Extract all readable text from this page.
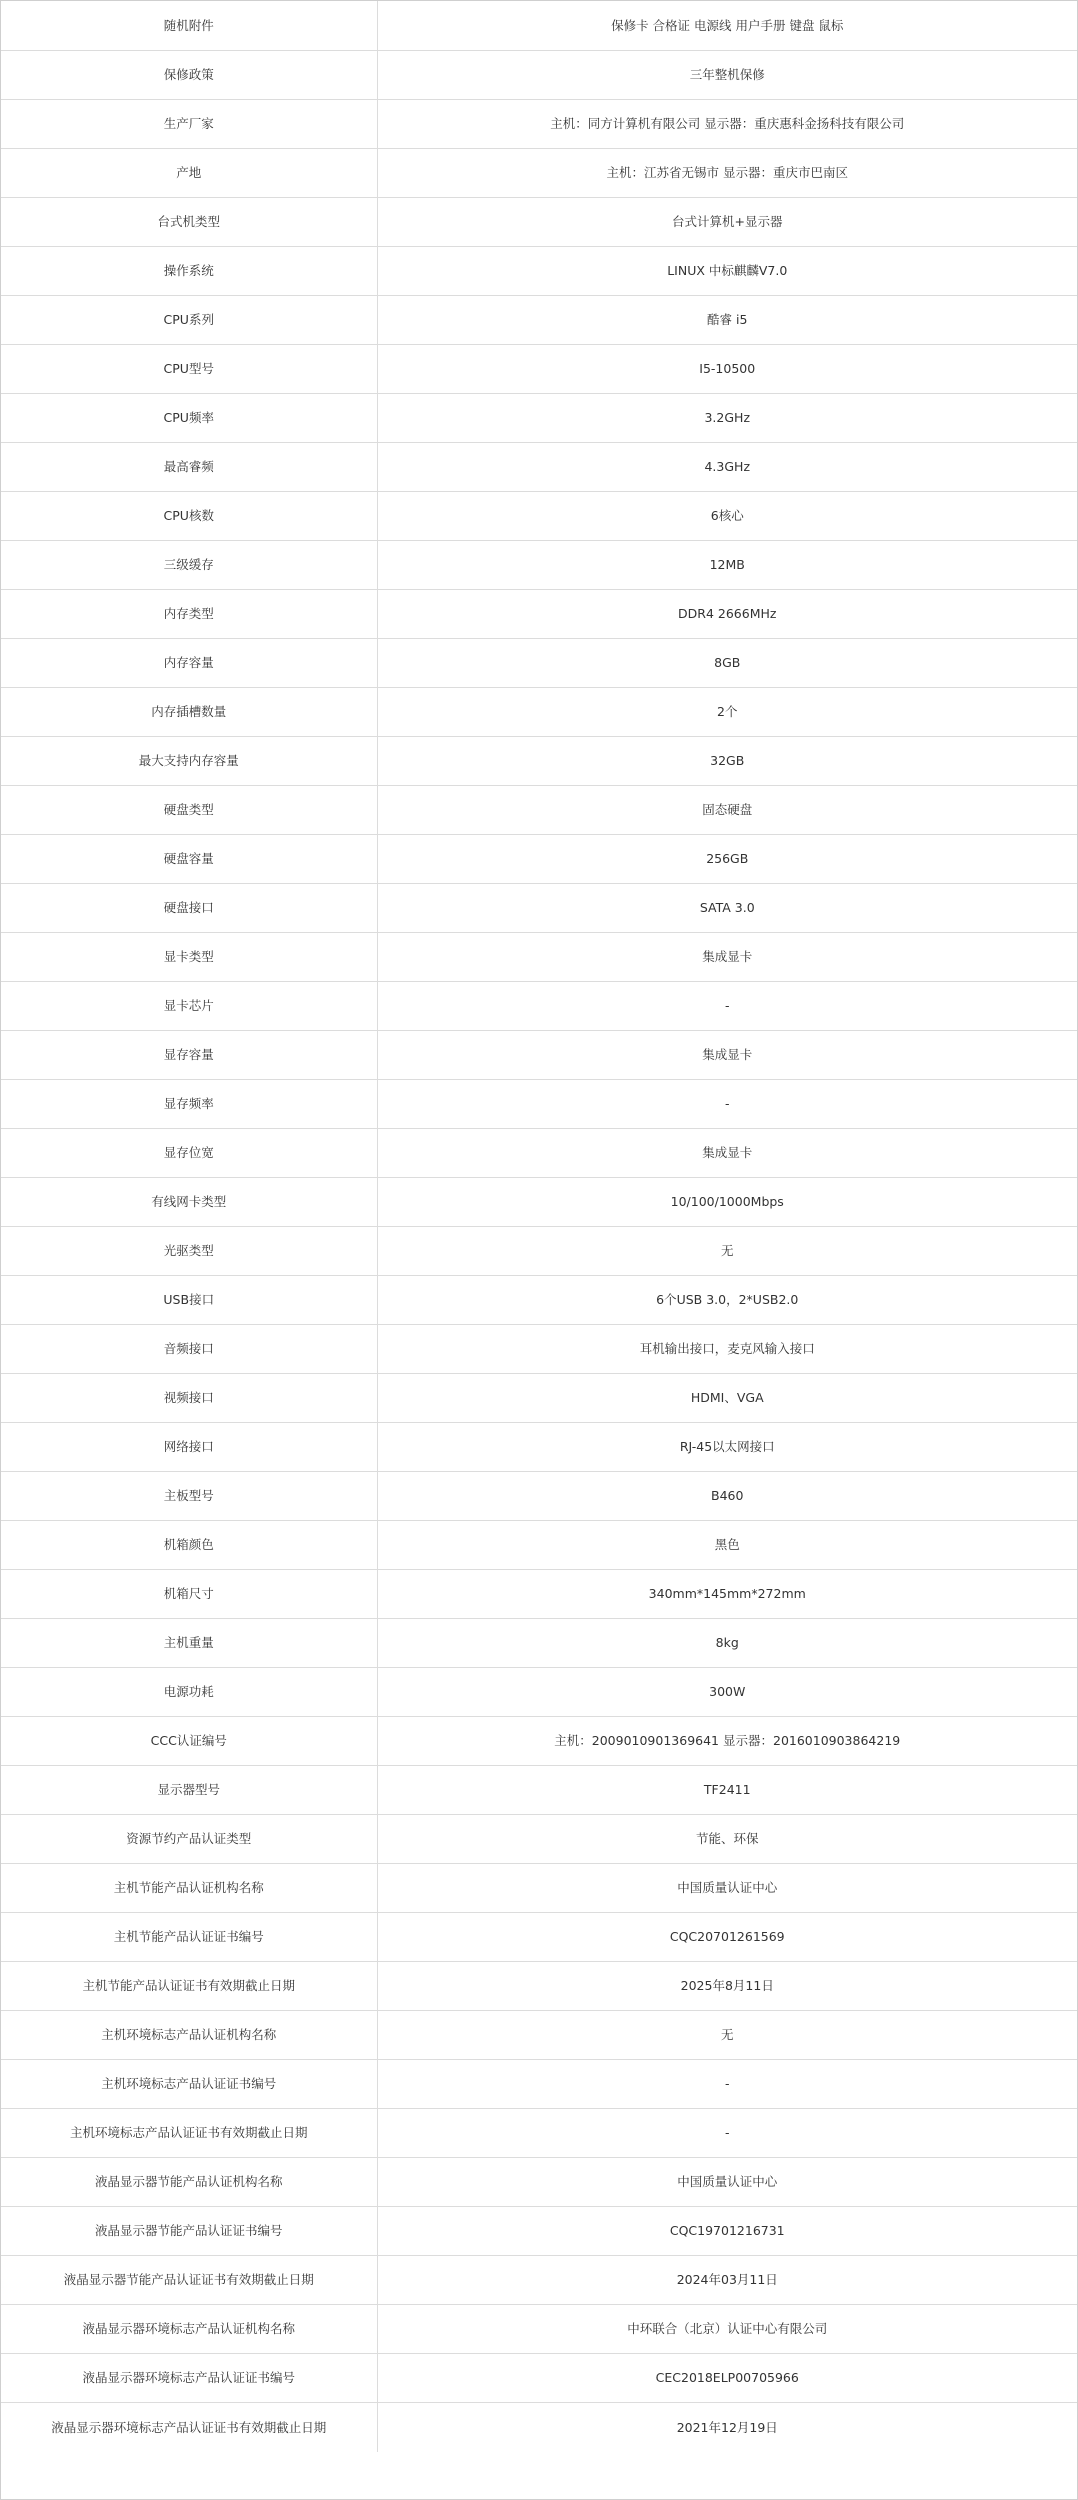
随机附件	保修卡 合格证 电源线 用户手册 键盘 鼠标
保修政策	三年整机保修
生产厂家	主机：同方计算机有限公司 显示器：重庆惠科金扬科技有限公司
产地	主机：江苏省无锡市 显示器：重庆市巴南区
台式机类型	台式计算机+显示器
操作系统	LINUX 中标麒麟V7.0
CPU系列	酷睿 i5
CPU型号	I5-10500
CPU频率	3.2GHz
最高睿频	4.3GHz
CPU核数	6核心
三级缓存	12MB
内存类型	DDR4 2666MHz
内存容量	8GB
内存插槽数量	2个
最大支持内存容量	32GB
硬盘类型	固态硬盘
硬盘容量	256GB
硬盘接口	SATA 3.0
显卡类型	集成显卡
显卡芯片	-
显存容量	集成显卡
显存频率	-
显存位宽	集成显卡
有线网卡类型	10/100/1000Mbps
光驱类型	无
USB接口	6个USB 3.0，2*USB2.0
音频接口	耳机输出接口，麦克风输入接口
视频接口	HDMI、VGA
网络接口	RJ-45以太网接口
主板型号	B460
机箱颜色	黑色
机箱尺寸	340mm*145mm*272mm
主机重量	8kg
电源功耗	300W
CCC认证编号	主机：2009010901369641 显示器：2016010903864219
显示器型号	TF2411
资源节约产品认证类型	节能、环保
主机节能产品认证机构名称	中国质量认证中心
主机节能产品认证证书编号	CQC20701261569
主机节能产品认证证书有效期截止日期	2025年8月11日
主机环境标志产品认证机构名称	无
主机环境标志产品认证证书编号	-
主机环境标志产品认证证书有效期截止日期	-
液晶显示器节能产品认证机构名称	中国质量认证中心
液晶显示器节能产品认证证书编号	CQC19701216731
液晶显示器节能产品认证证书有效期截止日期	2024年03月11日
液晶显示器环境标志产品认证机构名称	中环联合（北京）认证中心有限公司
液晶显示器环境标志产品认证证书编号	CEC2018ELP00705966
液晶显示器环境标志产品认证证书有效期截止日期	2021年12月19日
